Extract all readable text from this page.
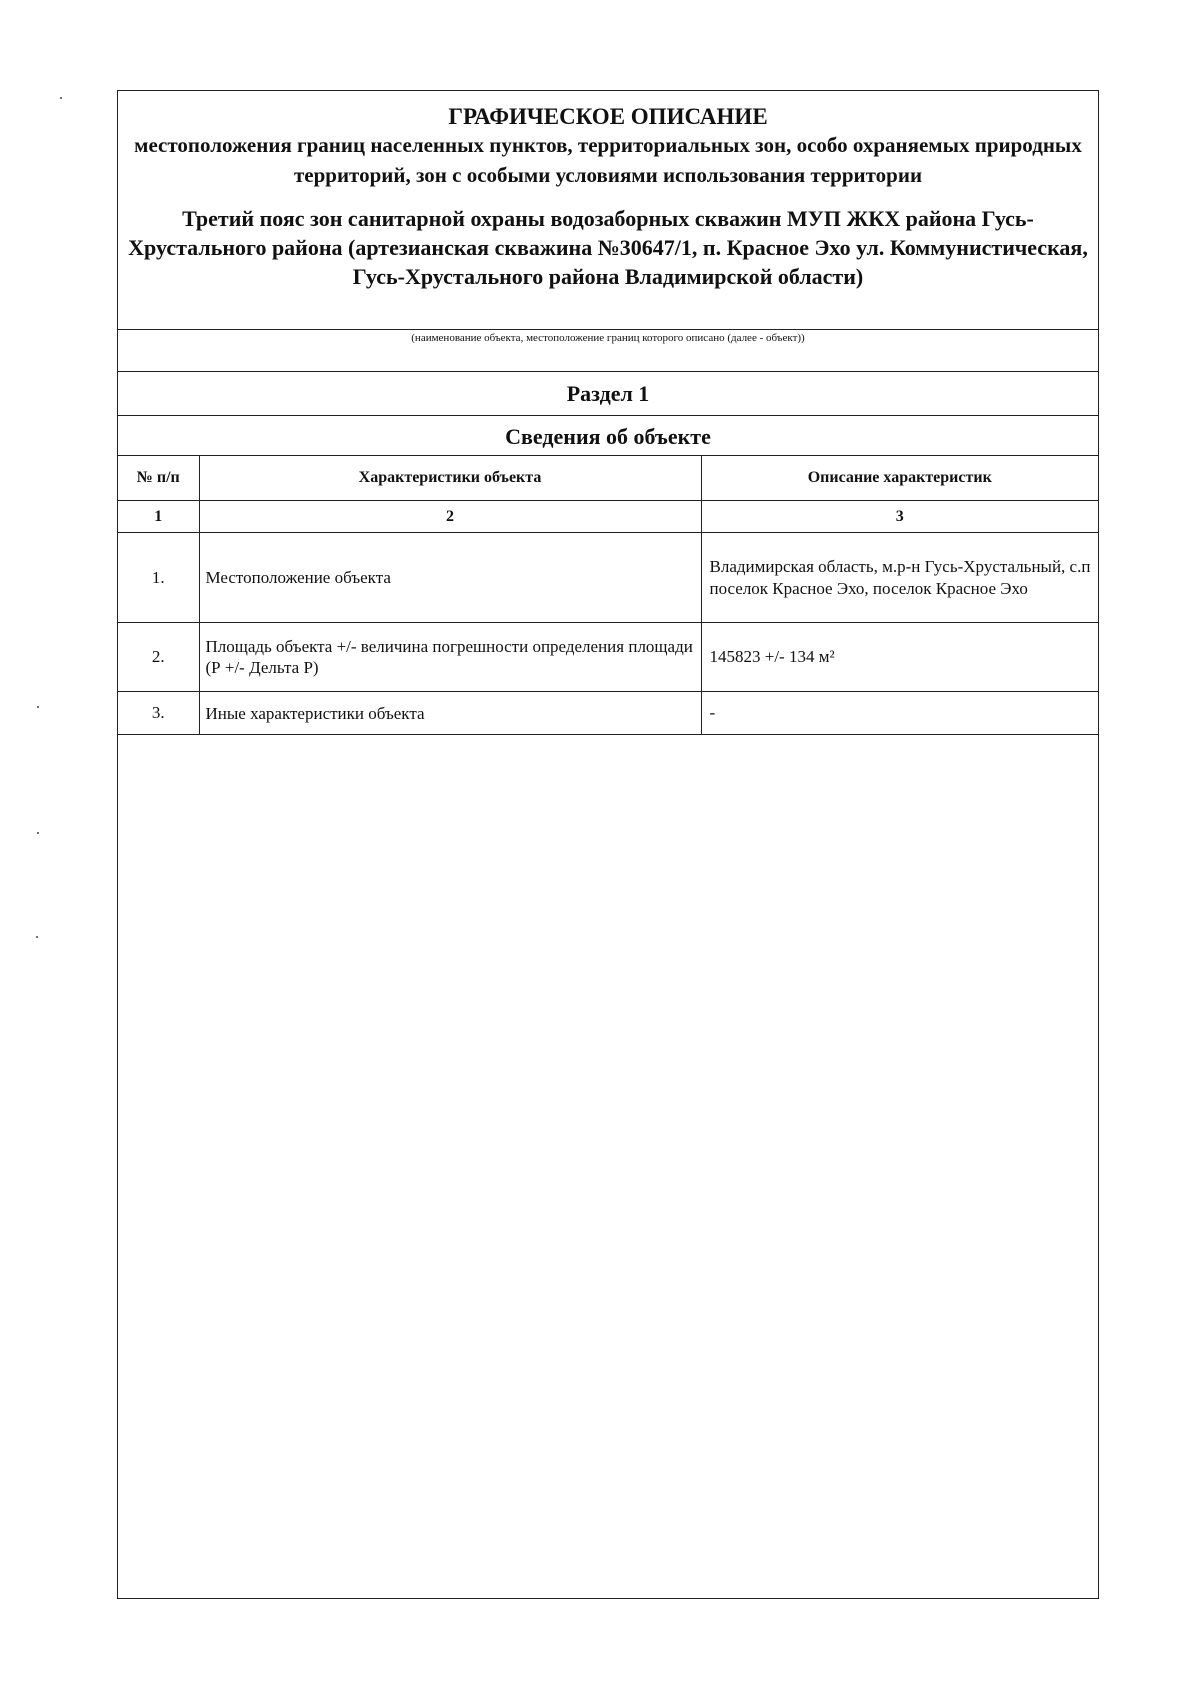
ГРАФИЧЕСКОЕ ОПИСАНИЕ
местоположения границ населенных пунктов, территориальных зон, особо охраняемых природных территорий, зон с особыми условиями использования территории
Третий пояс зон санитарной охраны водозаборных скважин МУП ЖКХ района Гусь-Хрустального района (артезианская скважина №30647/1, п. Красное Эхо ул. Коммунистическая, Гусь-Хрустального района Владимирской области)
(наименование объекта, местоположение границ которого описано (далее - объект))
Раздел 1
Сведения об объекте
№ п/п	Характеристики объекта	Описание характеристик
1	2	3
1.	Местоположение объекта	Владимирская область, м.р-н Гусь-Хрустальный, с.п поселок Красное Эхо, поселок Красное Эхо
2.	Площадь объекта +/- величина погрешности определения площади (Р +/- Дельта Р)	145823 +/- 134 м²
3.	Иные характеристики объекта	-
